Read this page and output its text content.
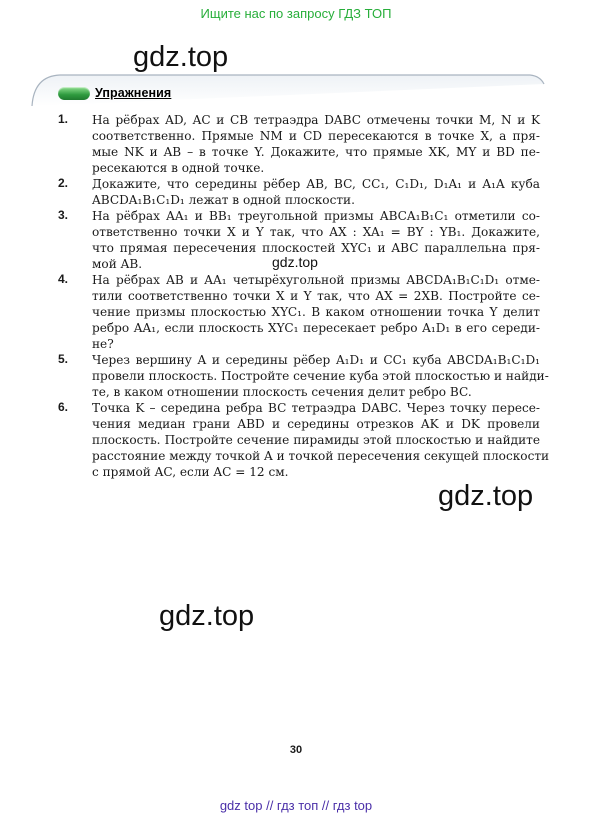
Ищите нас по запросу ГДЗ ТОП
Упражнения
gdz.top
gdz.top
gdz.top
gdz.top
1. На рёбрах AD, AC и CB тетраэдра DABC отмечены точки M, N и K
соответственно. Прямые NM и CD пересекаются в точке X, а пря-
мые NK и AB – в точке Y. Докажите, что прямые XK, MY и BD пе-
ресекаются в одной точке.
2. Докажите, что середины рёбер AB, BC, CC₁, C₁D₁, D₁A₁ и A₁A куба
ABCDA₁B₁C₁D₁ лежат в одной плоскости.
3. На рёбрах AA₁ и BB₁ треугольной призмы ABCA₁B₁C₁ отметили со-
ответственно точки X и Y так, что AX : XA₁ = BY : YB₁. Докажите,
что прямая пересечения плоскостей XYC₁ и ABC параллельна пря-
мой AB.
4. На рёбрах AB и AA₁ четырёхугольной призмы ABCDA₁B₁C₁D₁ отме-
тили соответственно точки X и Y так, что AX = 2XB. Постройте се-
чение призмы плоскостью XYC₁. В каком отношении точка Y делит
ребро AA₁, если плоскость XYC₁ пересекает ребро A₁D₁ в его середи-
не?
5. Через вершину A и середины рёбер A₁D₁ и CC₁ куба ABCDA₁B₁C₁D₁
провели плоскость. Постройте сечение куба этой плоскостью и найди-
те, в каком отношении плоскость сечения делит ребро BC.
6. Точка K – середина ребра BC тетраэдра DABC. Через точку пересе-
чения медиан грани ABD и середины отрезков AK и DK провели
плоскость. Постройте сечение пирамиды этой плоскостью и найдите
расстояние между точкой A и точкой пересечения секущей плоскости
с прямой AC, если AC = 12 см.
30
gdz top // гдз топ // гдз top
